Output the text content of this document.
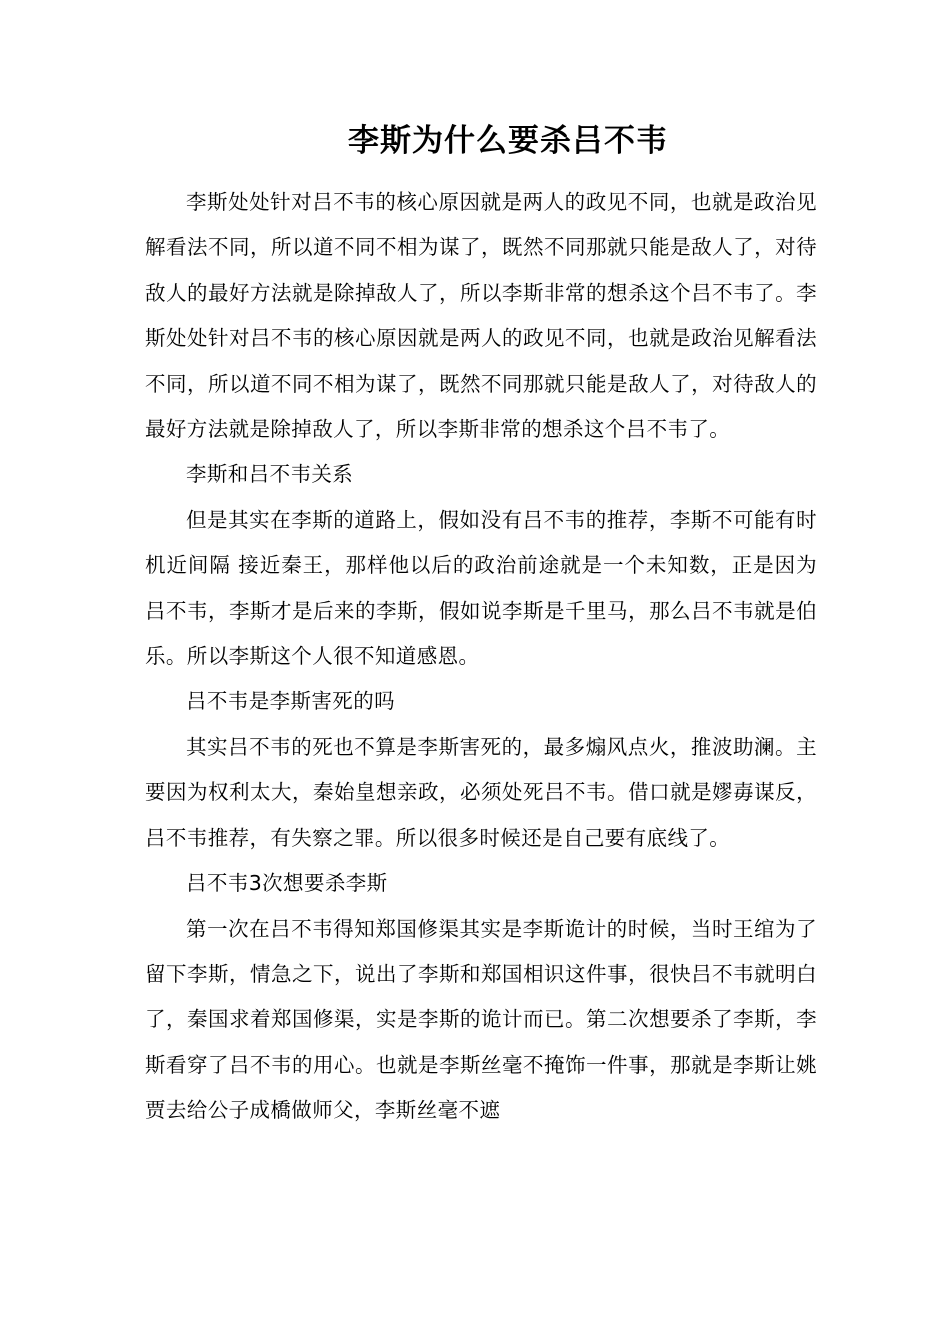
李斯为什么要杀吕不韦

李斯处处针对吕不韦的核心原因就是两人的政见不同，也就是政治见解看法不同，所以道不同不相为谋了，既然不同那就只能是敌人了，对待敌人的最好方法就是除掉敌人了，所以李斯非常的想杀这个吕不韦了。李斯处处针对吕不韦的核心原因就是两人的政见不同，也就是政治见解看法不同，所以道不同不相为谋了，既然不同那就只能是敌人了，对待敌人的最好方法就是除掉敌人了，所以李斯非常的想杀这个吕不韦了。

李斯和吕不韦关系

但是其实在李斯的道路上，假如没有吕不韦的推荐，李斯不可能有时机近间隔 接近秦王，那样他以后的政治前途就是一个未知数，正是因为吕不韦，李斯才是后来的李斯，假如说李斯是千里马，那么吕不韦就是伯乐。所以李斯这个人很不知道感恩。

吕不韦是李斯害死的吗

其实吕不韦的死也不算是李斯害死的，最多煽风点火，推波助澜。主要因为权利太大，秦始皇想亲政，必须处死吕不韦。借口就是嫪毐谋反，吕不韦推荐，有失察之罪。所以很多时候还是自己要有底线了。

吕不韦3次想要杀李斯

第一次在吕不韦得知郑国修渠其实是李斯诡计的时候，当时王绾为了留下李斯，情急之下，说出了李斯和郑国相识这件事，很快吕不韦就明白了，秦国求着郑国修渠，实是李斯的诡计而已。第二次想要杀了李斯，李斯看穿了吕不韦的用心。也就是李斯丝毫不掩饰一件事，那就是李斯让姚贾去给公子成橋做师父，李斯丝毫不遮
